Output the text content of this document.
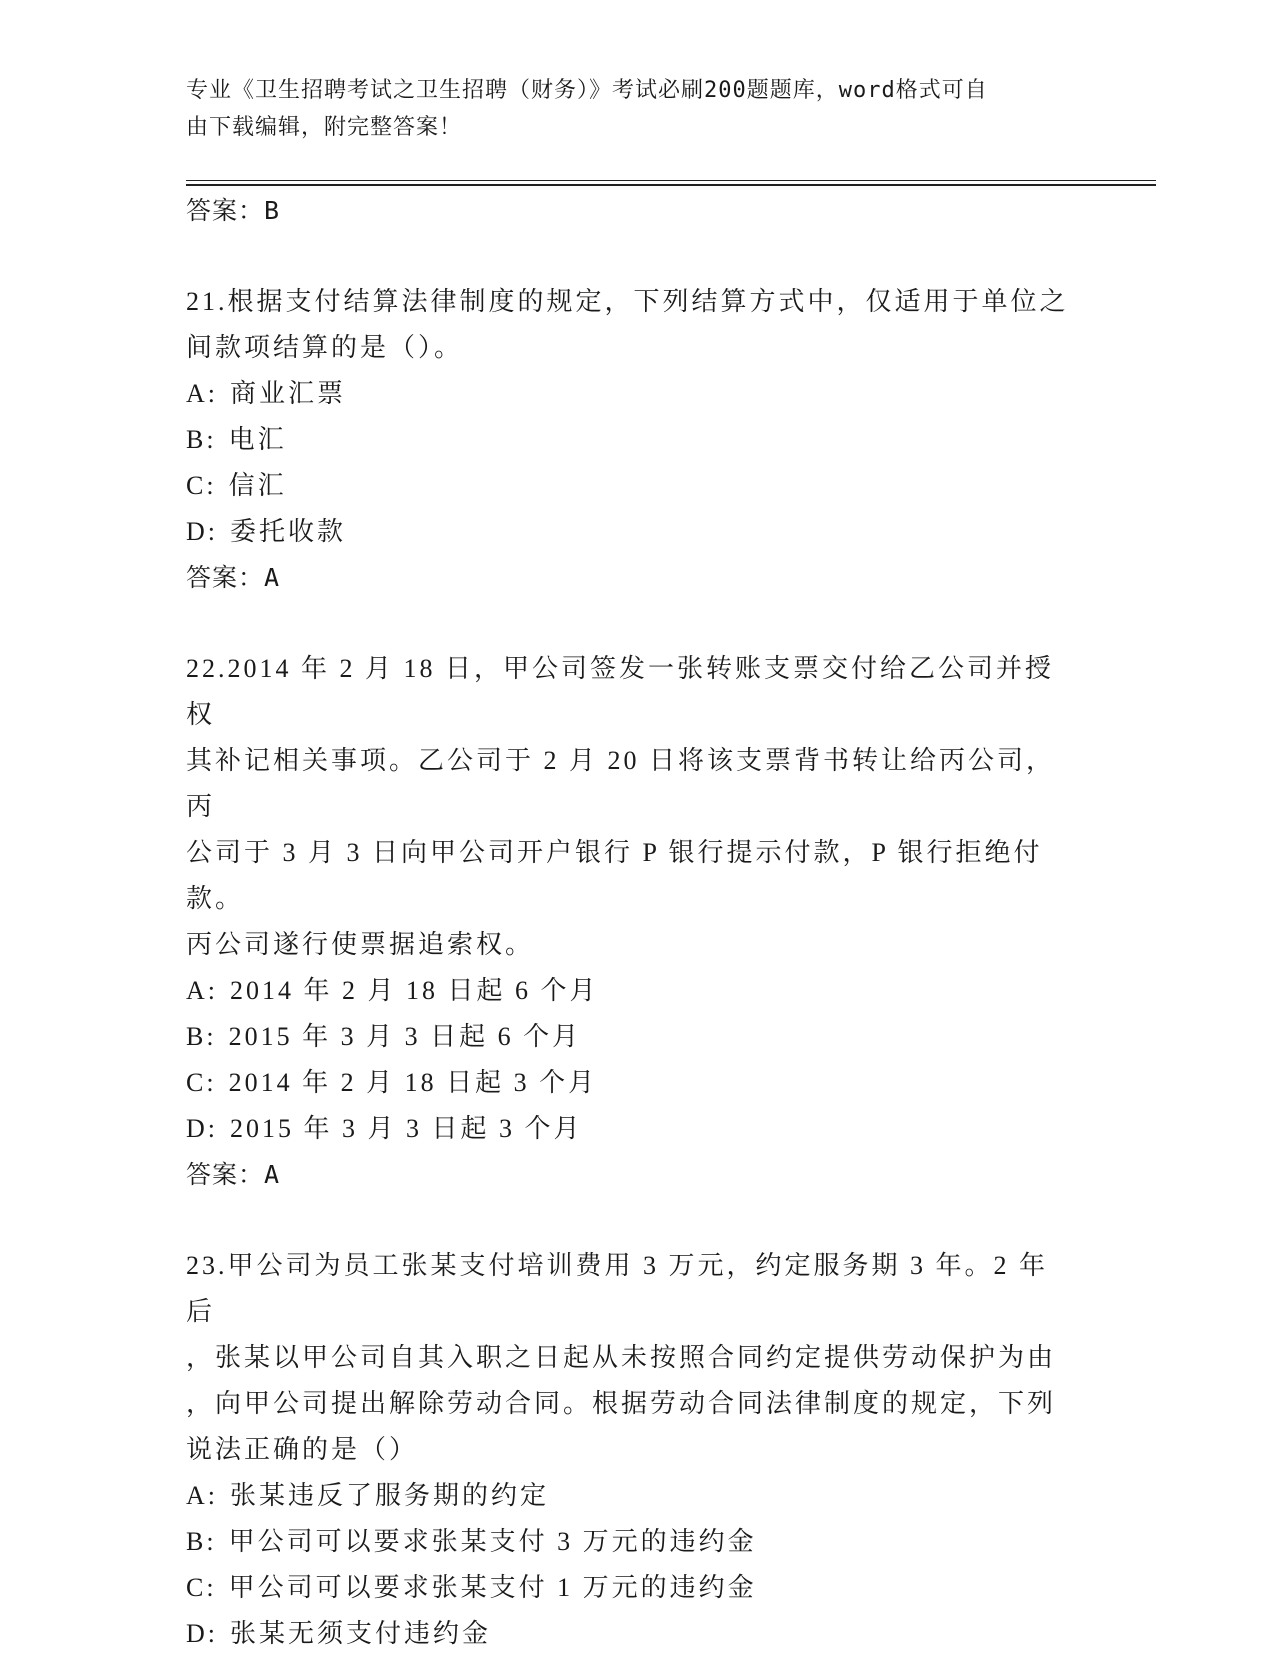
专业《卫生招聘考试之卫生招聘（财务）》考试必刷200题题库，word格式可自
由下载编辑，附完整答案！
答案：B

21.根据支付结算法律制度的规定，下列结算方式中，仅适用于单位之

间款项结算的是（）。

A: 商业汇票

B: 电汇

C: 信汇

D: 委托收款

答案：A

22.2014 年 2 月 18 日，甲公司签发一张转账支票交付给乙公司并授权

其补记相关事项。乙公司于 2 月 20 日将该支票背书转让给丙公司，丙

公司于 3 月 3 日向甲公司开户银行 P 银行提示付款，P 银行拒绝付款。

丙公司遂行使票据追索权。

A: 2014 年 2 月 18 日起 6 个月

B: 2015 年 3 月 3 日起 6 个月

C: 2014 年 2 月 18 日起 3 个月

D: 2015 年 3 月 3 日起 3 个月

答案：A

23.甲公司为员工张某支付培训费用 3 万元，约定服务期 3 年。2 年后

，张某以甲公司自其入职之日起从未按照合同约定提供劳动保护为由

，向甲公司提出解除劳动合同。根据劳动合同法律制度的规定，下列

说法正确的是（）

A: 张某违反了服务期的约定

B: 甲公司可以要求张某支付 3 万元的违约金

C: 甲公司可以要求张某支付 1 万元的违约金

D: 张某无须支付违约金
